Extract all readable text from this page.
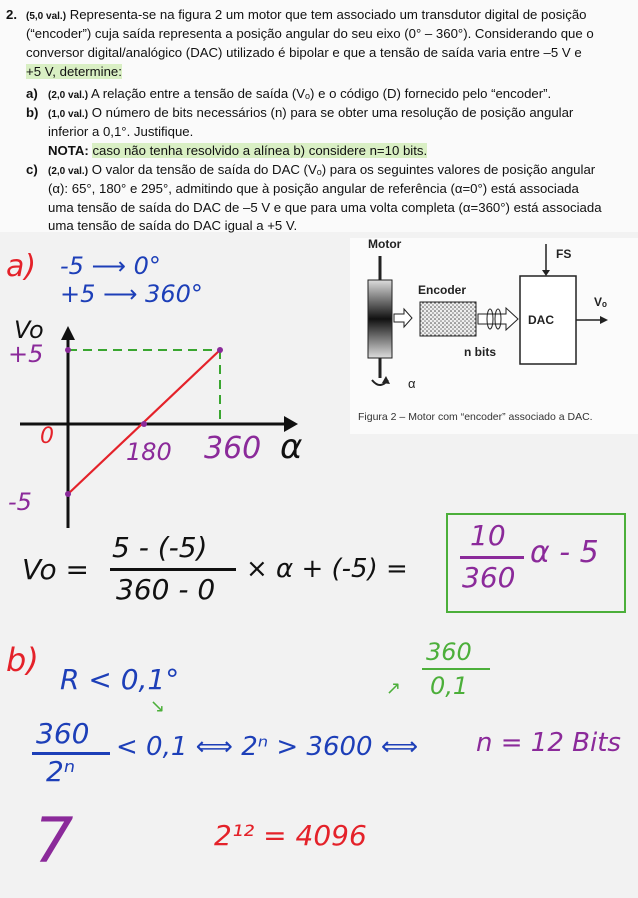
2. (5,0 val.) Representa-se na figura 2 um motor que tem associado um transdutor digital de posição
(“encoder”) cuja saída representa a posição angular do seu eixo (0° – 360°). Considerando que o
conversor digital/analógico (DAC) utilizado é bipolar e que a tensão de saída varia entre –5 V e
+5 V, determine:
a) (2,0 val.) A relação entre a tensão de saída (Vₒ) e o código (D) fornecido pelo “encoder”.
b) (1,0 val.) O número de bits necessários (n) para se obter uma resolução de posição angular
inferior a 0,1°. Justifique.
NOTA: caso não tenha resolvido a alínea b) considere n=10 bits.
c) (2,0 val.) O valor da tensão de saída do DAC (Vₒ) para os seguintes valores de posição angular
(α): 65°, 180° e 295°, admitindo que à posição angular de referência (α=0°) está associada
uma tensão de saída do DAC de –5 V e que para uma volta completa (α=360°) está associada
uma tensão de saída do DAC igual a +5 V.
Motor
α
Encoder
n bits
DAC
FS
Vₒ
Figura 2 – Motor com “encoder” associado a DAC.
a) -5 ⟶ 0°
+5 ⟶ 360°
Vo
+5
0
-5
180 360 α
Vo =
5 - (-5)
360 - 0
× α + (-5) =
10
360
α - 5
b)
R < 0,1°
↘
360
0,1
↗
360
2ⁿ
< 0,1 ⟺ 2ⁿ > 3600 ⟺ n = 12 Bits
7	2¹² = 4096
